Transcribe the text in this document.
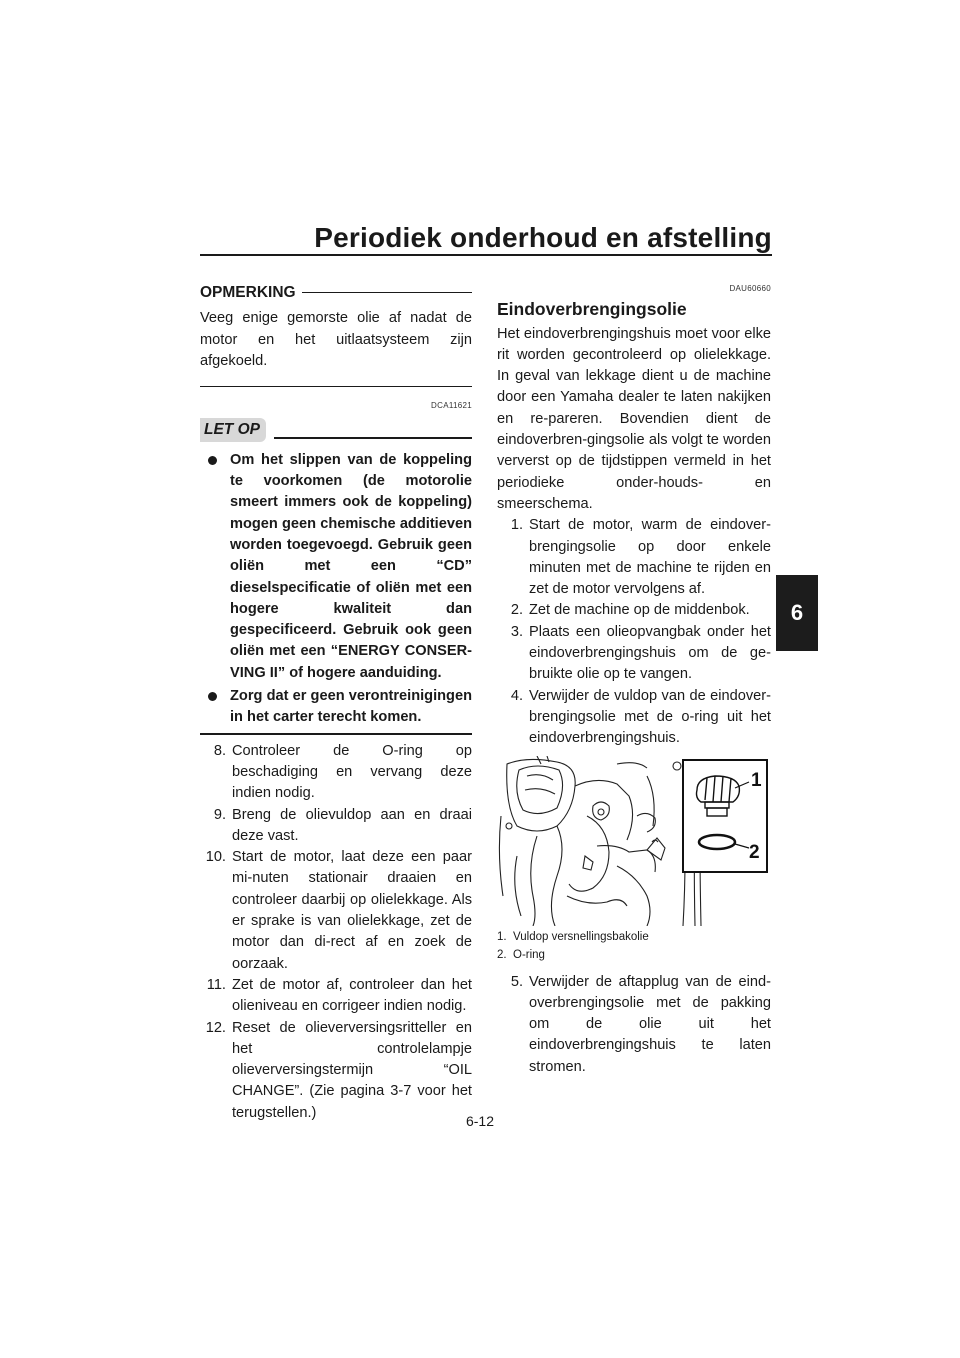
Periodiek onderhoud en afstelling
6
OPMERKING

Veeg enige gemorste olie af nadat de motor en het uitlaatsysteem zijn afgekoeld.

DCA11621
LET OP
Om het slippen van de koppeling te voorkomen (de motorolie smeert immers ook de koppeling) mogen geen chemische additieven worden toegevoegd. Gebruik geen oliën met een “CD” dieselspecificatie of oliën met een hogere kwaliteit dan gespecificeerd. Gebruik ook geen oliën met een “ENERGY CONSER-VING II” of hogere aanduiding.
Zorg dat er geen verontreinigingen in het carter terecht komen.
8. Controleer de O-ring op beschadiging en vervang deze indien nodig.
9. Breng de olievuldop aan en draai deze vast.
10. Start de motor, laat deze een paar mi-nuten stationair draaien en controleer daarbij op olielekkage. Als er sprake is van olielekkage, zet de motor dan di-rect af en zoek de oorzaak.
11. Zet de motor af, controleer dan het olieniveau en corrigeer indien nodig.
12. Reset de olieverversingsritteller en het controlelampje olieverversingstermijn “OIL CHANGE”. (Zie pagina 3-7 voor het terugstellen.)
DAU60660
Eindoverbrengingsolie

Het eindoverbrengingshuis moet voor elke rit worden gecontroleerd op olielekkage. In geval van lekkage dient u de machine door een Yamaha dealer te laten nakijken en re-pareren. Bovendien dient de eindoverbren-gingsolie als volgt te worden ververst op de tijdstippen vermeld in het periodieke onder-houds- en smeerschema.

1. Start de motor, warm de eindover-brengingsolie op door enkele minuten met de machine te rijden en zet de motor vervolgens af.
2. Zet de machine op de middenbok.
3. Plaats een olieopvangbak onder het eindoverbrengingshuis om de ge-bruikte olie op te vangen.
4. Verwijder de vuldop van de eindover-brengingsolie met de o-ring uit het eindoverbrengingshuis.
1
2
1. Vuldop versnellingsbakolie
2. O-ring
5. Verwijder de aftapplug van de eind-overbrengingsolie met de pakking om de olie uit het eindoverbrengingshuis te laten stromen.
6-12
